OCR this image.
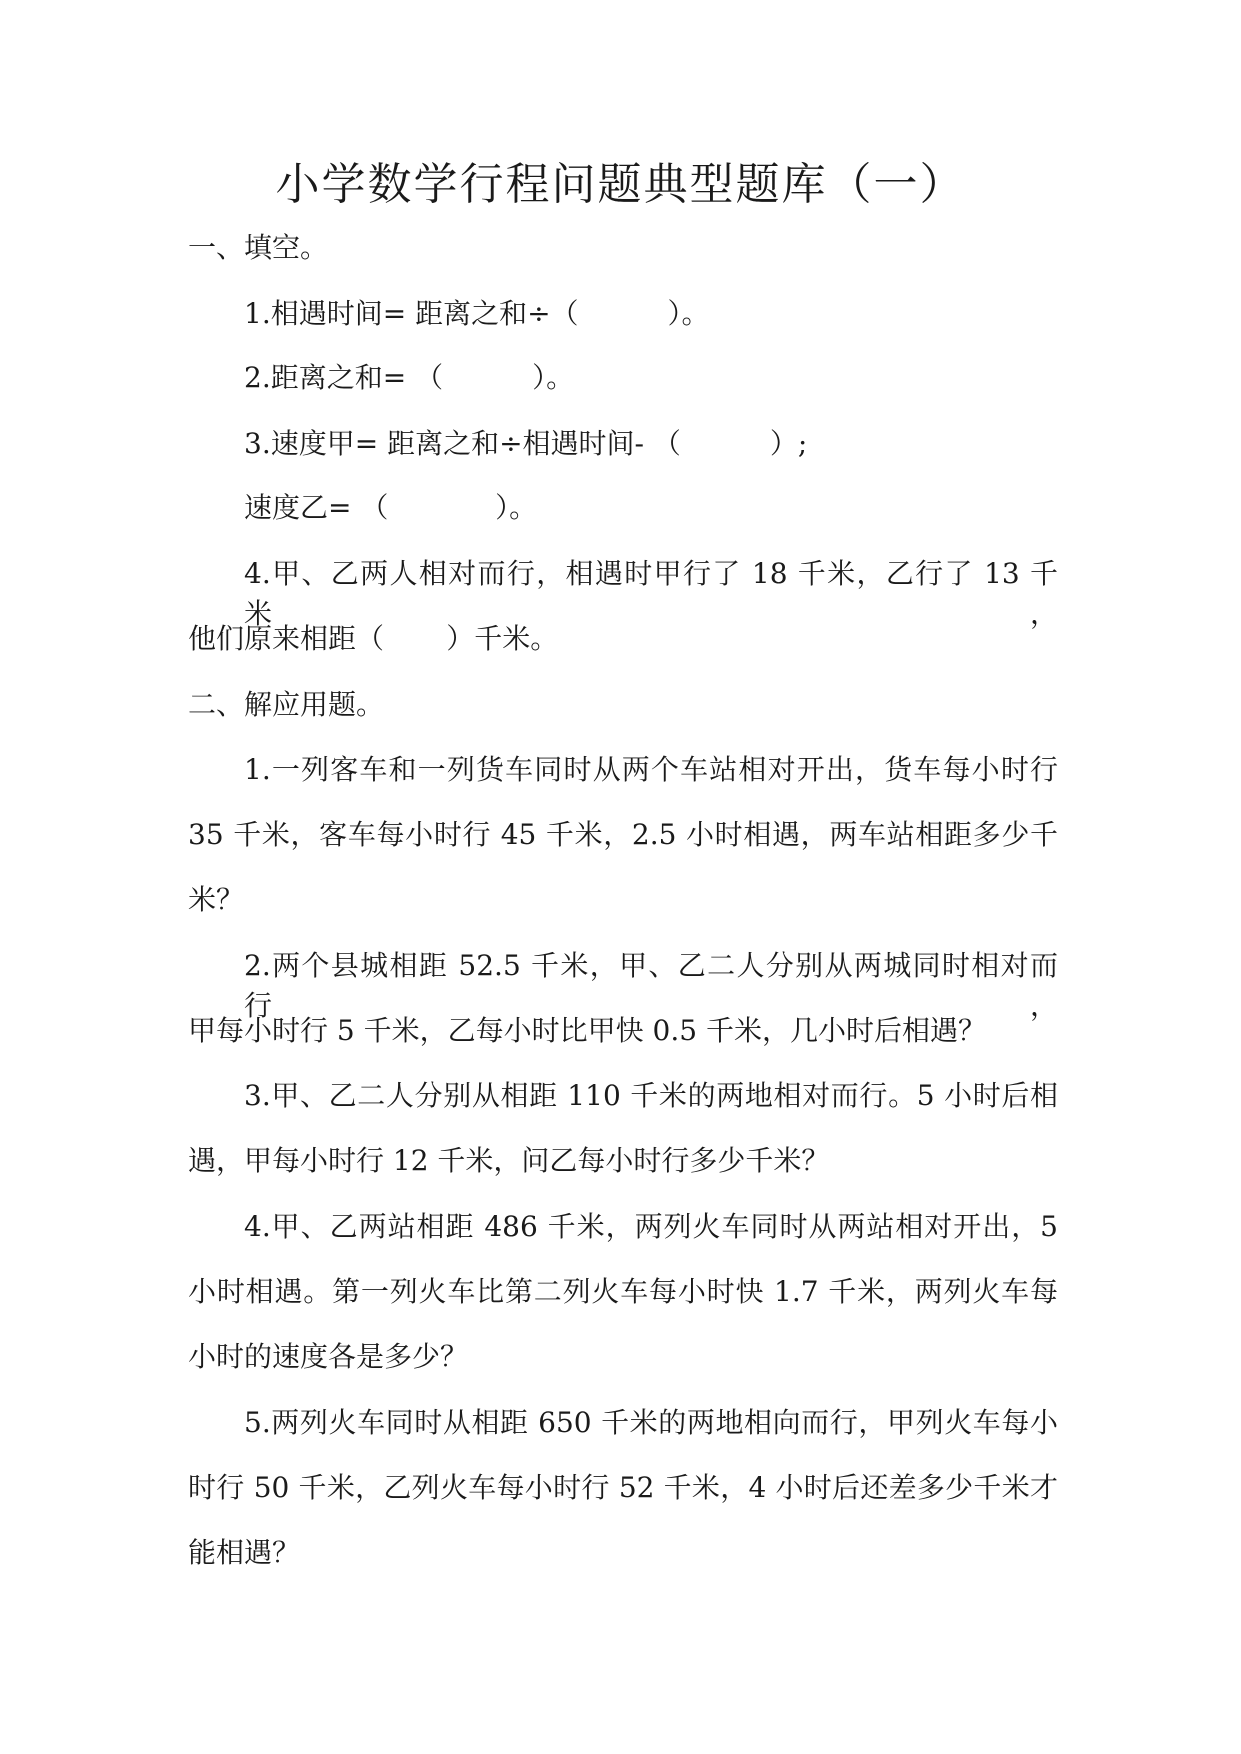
小学数学行程问题典型题库（一）

一、填空。

1.相遇时间= 距离之和÷（          ）。

2.距离之和= （          ）。

3.速度甲= 距离之和÷相遇时间- （          ）;

速度乙= （            ）。

4.甲、乙两人相对而行，相遇时甲行了 18 千米，乙行了 13 千米，

他们原来相距（       ）千米。

二、解应用题。

1.一列客车和一列货车同时从两个车站相对开出，货车每小时行

35 千米，客车每小时行 45 千米，2.5 小时相遇，两车站相距多少千

米？

2.两个县城相距 52.5 千米，甲、乙二人分别从两城同时相对而行，

甲每小时行 5 千米，乙每小时比甲快 0.5 千米，几小时后相遇？

3.甲、乙二人分别从相距 110 千米的两地相对而行。5 小时后相

遇，甲每小时行 12 千米，问乙每小时行多少千米？

4.甲、乙两站相距 486 千米，两列火车同时从两站相对开出，5

小时相遇。第一列火车比第二列火车每小时快 1.7 千米，两列火车每

小时的速度各是多少？

5.两列火车同时从相距 650 千米的两地相向而行，甲列火车每小

时行 50 千米，乙列火车每小时行 52 千米，4 小时后还差多少千米才

能相遇？
